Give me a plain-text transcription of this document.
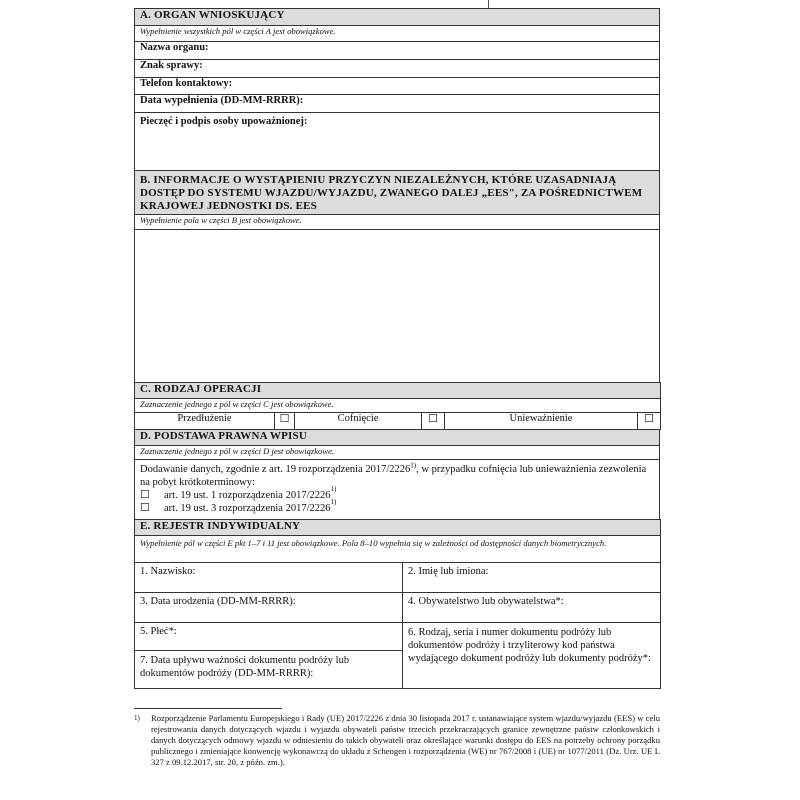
A. ORGAN WNIOSKUJĄCY
Wypełnienie wszystkich pól w części A jest obowiązkowe.
Nazwa organu:
Znak sprawy:
Telefon kontaktowy:
Data wypełnienia (DD-MM-RRRR):
Pieczęć i podpis osoby upoważnionej:
B. INFORMACJE O WYSTĄPIENIU PRZYCZYN NIEZALEŻNYCH, KTÓRE UZASADNIAJĄ DOSTĘP DO SYSTEMU WJAZDU/WYJAZDU, ZWANEGO DALEJ „EES", ZA POŚREDNICTWEM KRAJOWEJ JEDNOSTKI DS. EES
Wypełnienie pola w części B jest obowiązkowe.

C. RODZAJ OPERACJI
Zaznaczenie jednego z pól w części C jest obowiązkowe.
Przedłużenie	☐	Cofnięcie	☐	Unieważnienie	☐
D. PODSTAWA PRAWNA WPISU
Zaznaczenie jednego z pól w części D jest obowiązkowe.

Dodawanie danych, zgodnie z art. 19 rozporządzenia 2017/2226$^{1)}$, w przypadku cofnięcia lub unieważnienia zezwolenia na pobyt krótkoterminowy:
☐	art. 19 ust. 1 rozporządzenia 2017/2226
1)
☐	art. 19 ust. 3 rozporządzenia 2017/2226
1)
E. REJESTR INDYWIDUALNY	
Wypełnienie pól w części E pkt 1–7 i 11 jest obowiązkowe. Pola 8–10 wypełnia się w zależności od dostępności danych biometrycznych.	
1. Nazwisko:	2. Imię lub imiona:
3. Data urodzenia (DD-MM-RRRR):	4. Obywatelstwo lub obywatelstwa*:
5. Płeć*:	6. Rodzaj, seria i numer dokumentu podróży lub dokumentów podróży i trzyliterowy kod państwa wydającego dokument podróży lub dokumenty podróży*:
7. Data upływu ważności dokumentu podróży lub dokumentów podróży (DD-MM-RRRR):	
1) Rozporządzenie Parlamentu Europejskiego i Rady (UE) 2017/2226 z dnia 30 listopada 2017 r. ustanawiające system wjazdu/wyjazdu (EES) w celu rejestrowania danych dotyczących wjazdu i wyjazdu obywateli państw trzecich przekraczających granice zewnętrzne państw członkowskich i danych dotyczących odmowy wjazdu w odniesieniu do takich obywateli oraz określające warunki dostępu do EES na potrzeby ochrony porządku publicznego i zmieniające konwencję wykonawczą do układu z Schengen i rozporządzenia (WE) nr 767/2008 i (UE) nr 1077/2011 (Dz. Urz. UE L 327 z 09.12.2017, str. 20, z późn. zm.).
